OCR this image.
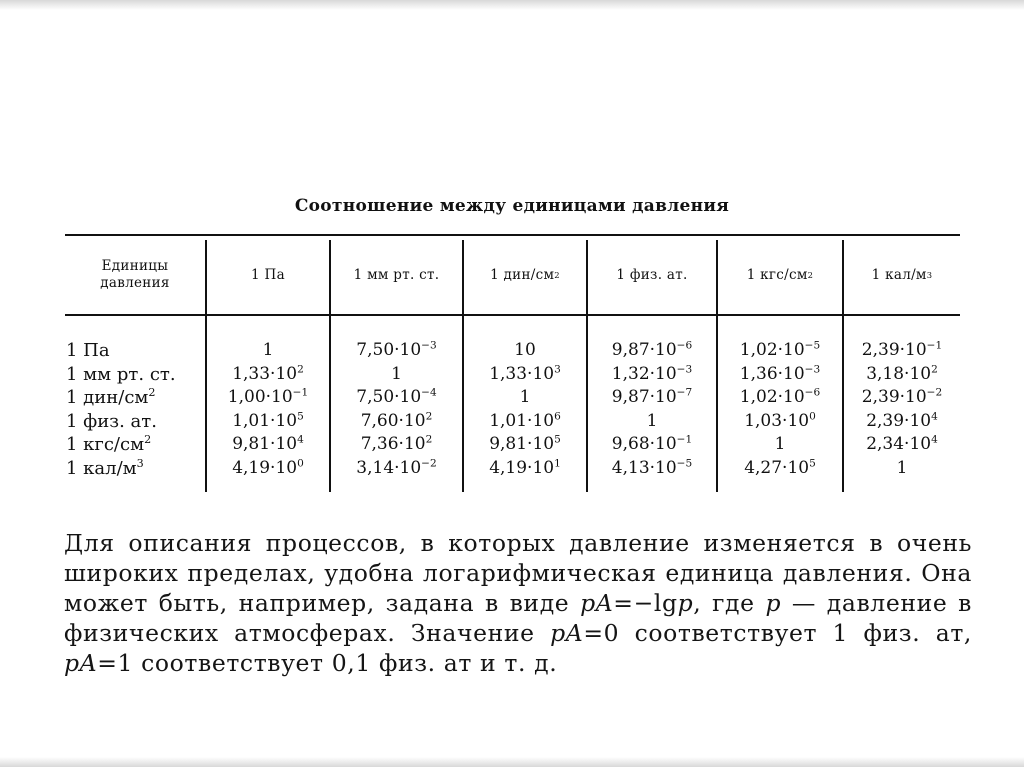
Соотношение между единицами давления
Единицы
давления
1 Па	1 мм рт. ст.	1 дин/см 2	1 физ. ат.	1 кгс/см 2	1 кал/м 3
1 Па	1	$7,50\cdot 10^{-3}$	10	$9,87\cdot 10^{-6}$	$1,02\cdot 10^{-5}$	$2,39\cdot 10^{-1}$
1 мм рт. ст.	$1,33\cdot 10^2$	1	$1,33\cdot 10^3$	$1,32\cdot 10^{-3}$	$1,36\cdot 10^{-3}$	$3,18\cdot 10^2$
1 дин/$см^2$	$1,00\cdot 10^{-1}$	$7,50\cdot 10^{-4}$	1	$9,87\cdot 10^{-7}$	$1,02\cdot 10^{-6}$	$2,39\cdot 10^{-2}$
1 физ. ат.	$1,01\cdot 10^5$	$7,60\cdot 10^2$	$1,01\cdot 10^6$	1	$1,03\cdot 10^0$	$2,39\cdot 10^4$
1 кгс/$см^2$	$9,81\cdot 10^4$	$7,36\cdot 10^2$	$9,81\cdot 10^5$	$9,68\cdot 10^{-1}$	1	$2,34\cdot 10^4$
1 кал/$м^3$	$4,19\cdot 10^0$	$3,14\cdot 10^{-2}$	$4,19\cdot 10^1$	$4,13\cdot 10^{-5}$	$4,27\cdot 10^5$	1
Для описания процессов, в которых давление изменяется в очень широких пределах, удобна логарифмическая единица давления. Она может быть, например, задана в виде pA=−lgp, где p — давление в физических атмосферах. Значение pA=0 соответствует 1 физ. ат, pA=1 соответствует 0,1 физ. ат и т. д.
